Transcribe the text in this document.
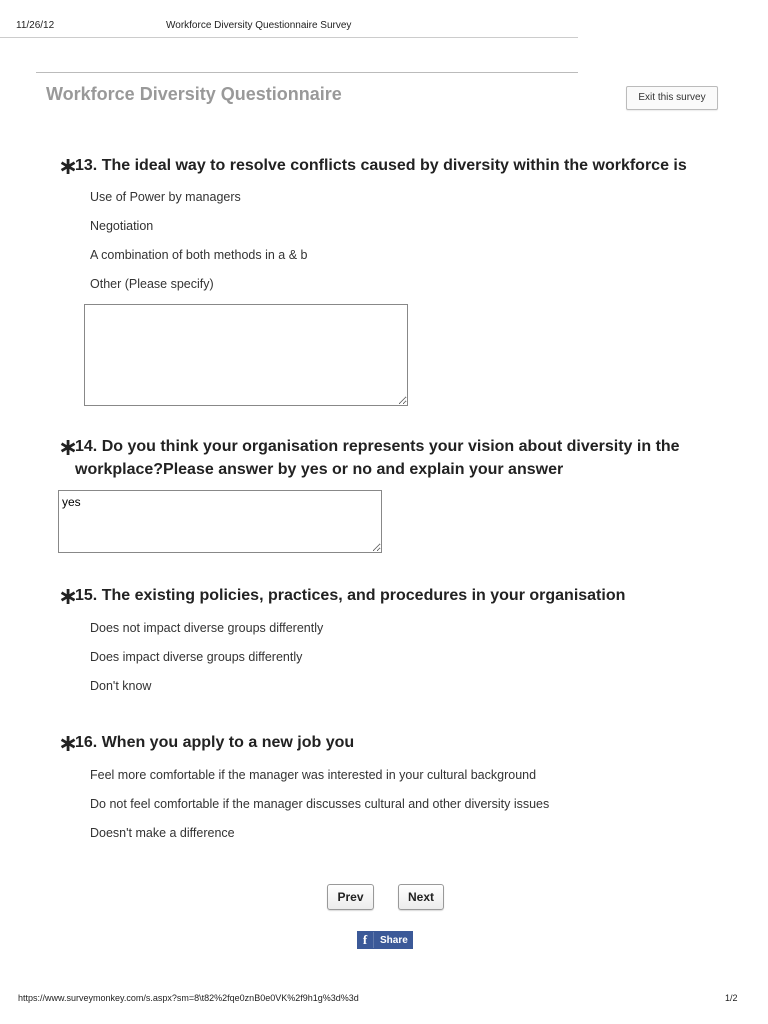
11/26/12	Workforce Diversity Questionnaire Survey
Workforce Diversity Questionnaire	Exit this survey
∗
13. The ideal way to resolve conflicts caused by diversity within the workforce is
Use of Power by managers
Negotiation
A combination of both methods in a & b
Other (Please specify)
∗
14. Do you think your organisation represents your vision about diversity in the
workplace?Please answer by yes or no and explain your answer
yes
∗
15. The existing policies, practices, and procedures in your organisation
Does not impact diverse groups differently
Does impact diverse groups differently
Don't know
∗
16. When you apply to a new job you
Feel more comfortable if the manager was interested in your cultural background
Do not feel comfortable if the manager discusses cultural and other diversity issues
Doesn't make a difference
Prev	Next
f	Share
https://www.surveymonkey.com/s.aspx?sm=8\t82%2fqe0znB0e0VK%2f9h1g%3d%3d	1/2
